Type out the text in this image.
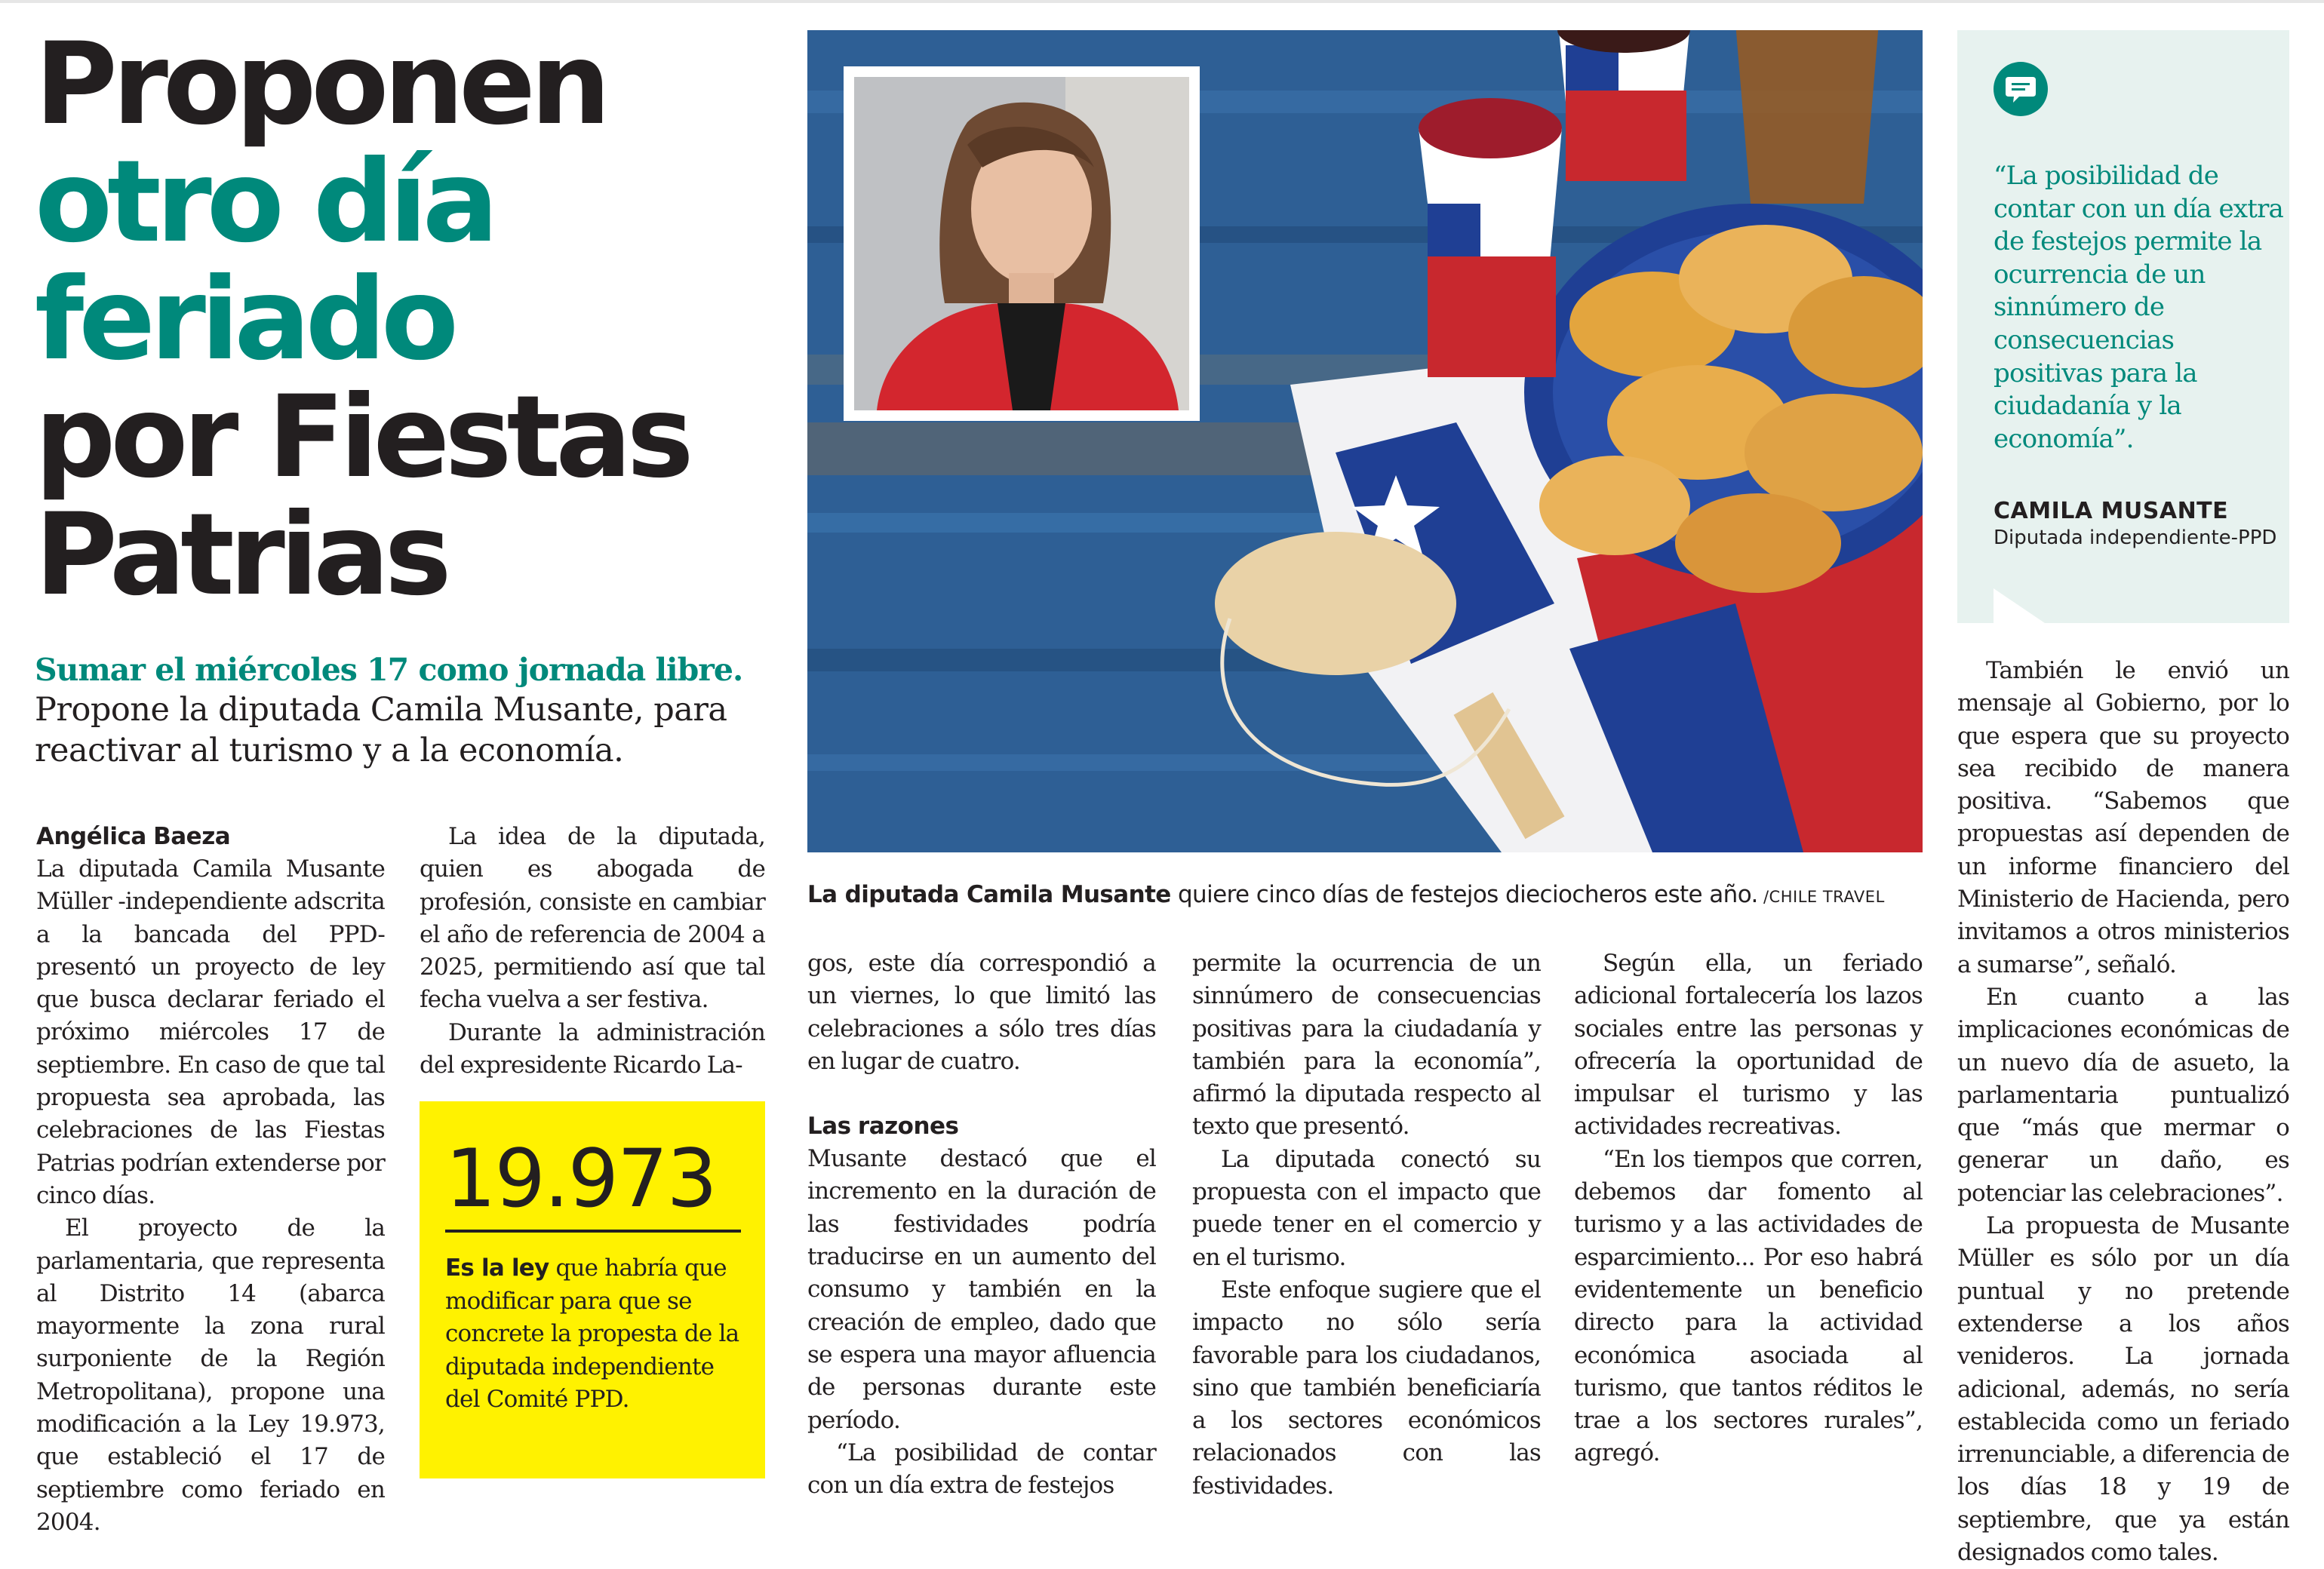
Proponen
otro día
feriado
por Fiestas
Patrias
Sumar el miércoles 17 como jornada libre.
Propone la diputada Camila Musante, para reactivar al turismo y a la economía.
Angélica Baeza

La diputada Camila Musante Müller -independiente adscrita a la bancada del PPD- presentó un proyecto de ley que busca declarar feriado el próximo miércoles 17 de septiembre. En caso de que tal propuesta sea aprobada, las celebraciones de las Fiestas Patrias podrían extenderse por cinco días.

El proyecto de la parlamentaria, que representa al Distrito 14 (abarca mayormente la zona rural surponiente de la Región Metropolitana), propone una modificación a la Ley 19.973, que estableció el 17 de septiembre como feriado en 2004.

La idea de la diputada, quien es abogada de profesión, consiste en cambiar el año de referencia de 2004 a 2025, permitiendo así que tal fecha vuelva a ser festiva.

Durante la administración del expresidente Ricardo La-

19.973
Es la ley que habría que modificar para que se concrete la propesta de la diputada independiente del Comité PPD.
La diputada Camila Musante quiere cinco días de festejos dieciocheros este año. /CHILE TRAVEL
“La posibilidad de contar con un día extra de festejos permite la ocurrencia de un sinnúmero de consecuencias positivas para la ciudadanía y la economía”.
CAMILA MUSANTE
Diputada independiente-PPD

gos, este día correspondió a un viernes, lo que limitó las celebraciones a sólo tres días en lugar de cuatro.

Las razones

Musante destacó que el incremento en la duración de las festividades podría traducirse en un aumento del consumo y también en la creación de empleo, dado que se espera una mayor afluencia de personas durante este período.

“La posibilidad de contar con un día extra de festejos

permite la ocurrencia de un sinnúmero de consecuencias positivas para la ciudadanía y también para la economía”, afirmó la diputada respecto al texto que presentó.

La diputada conectó su propuesta con el impacto que puede tener en el comercio y en el turismo.

Este enfoque sugiere que el impacto no sólo sería favorable para los ciudadanos, sino que también beneficiaría a los sectores económicos relacionados con las festividades.

Según ella, un feriado adicional fortalecería los lazos sociales entre las personas y ofrecería la oportunidad de impulsar el turismo y las actividades recreativas.

“En los tiempos que corren, debemos dar fomento al turismo y a las actividades de esparcimiento... Por eso habrá evidentemente un beneficio directo para la actividad económica asociada al turismo, que tantos réditos le trae a los sectores rurales”, agregó.

También le envió un mensaje al Gobierno, por lo que espera que su proyecto sea recibido de manera positiva. “Sabemos que propuestas así dependen de un informe financiero del Ministerio de Hacienda, pero invitamos a otros ministerios a sumarse”, señaló.

En cuanto a las implicaciones económicas de un nuevo día de asueto, la parlamentaria puntualizó que “más que mermar o generar un daño, es potenciar las celebraciones”.

La propuesta de Musante Müller es sólo por un día puntual y no pretende extenderse a los años venideros. La jornada adicional, además, no sería establecida como un feriado irrenunciable, a diferencia de los días 18 y 19 de septiembre, que ya están designados como tales.
